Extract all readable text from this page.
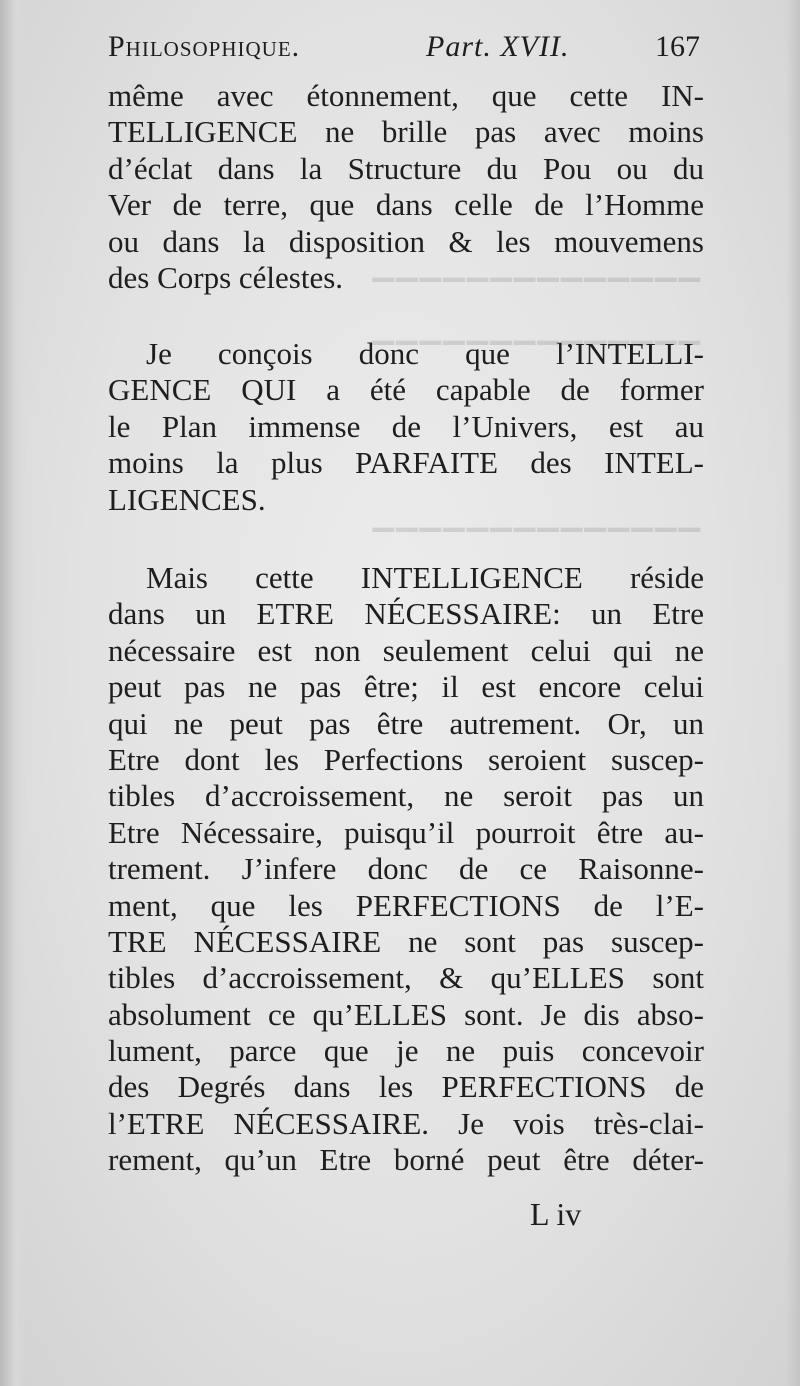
▔▔▔▔▔▔▔▔▔▔▔▔▔▔
▁▁▁▁▁▁▁▁▁▁▁▁▁▁
▔▔▔▔▔▔▔▔▔▔▔▔▔▔
Philosophique.	Part. XVII.	167
même avec étonnement, que cette IN-
TELLIGENCE ne brille pas avec moins
d’éclat dans la Structure du Pou ou du
Ver de terre, que dans celle de l’Homme
ou dans la disposition & les mouvemens
des Corps célestes.
Je conçois donc que l’INTELLI-
GENCE QUI a été capable de former
le Plan immense de l’Univers, est au
moins la plus PARFAITE des INTEL-
LIGENCES.
Mais cette INTELLIGENCE réside
dans un ETRE NÉCESSAIRE: un Etre
nécessaire est non seulement celui qui ne
peut pas ne pas être; il est encore celui
qui ne peut pas être autrement. Or, un
Etre dont les Perfections seroient suscep-
tibles d’accroissement, ne seroit pas un
Etre Nécessaire, puisqu’il pourroit être au-
trement. J’infere donc de ce Raisonne-
ment, que les PERFECTIONS de l’E-
TRE NÉCESSAIRE ne sont pas suscep-
tibles d’accroissement, & qu’ELLES sont
absolument ce qu’ELLES sont. Je dis abso-
lument, parce que je ne puis concevoir
des Degrés dans les PERFECTIONS de
l’ETRE NÉCESSAIRE. Je vois très-clai-
rement, qu’un Etre borné peut être déter-
L iv
